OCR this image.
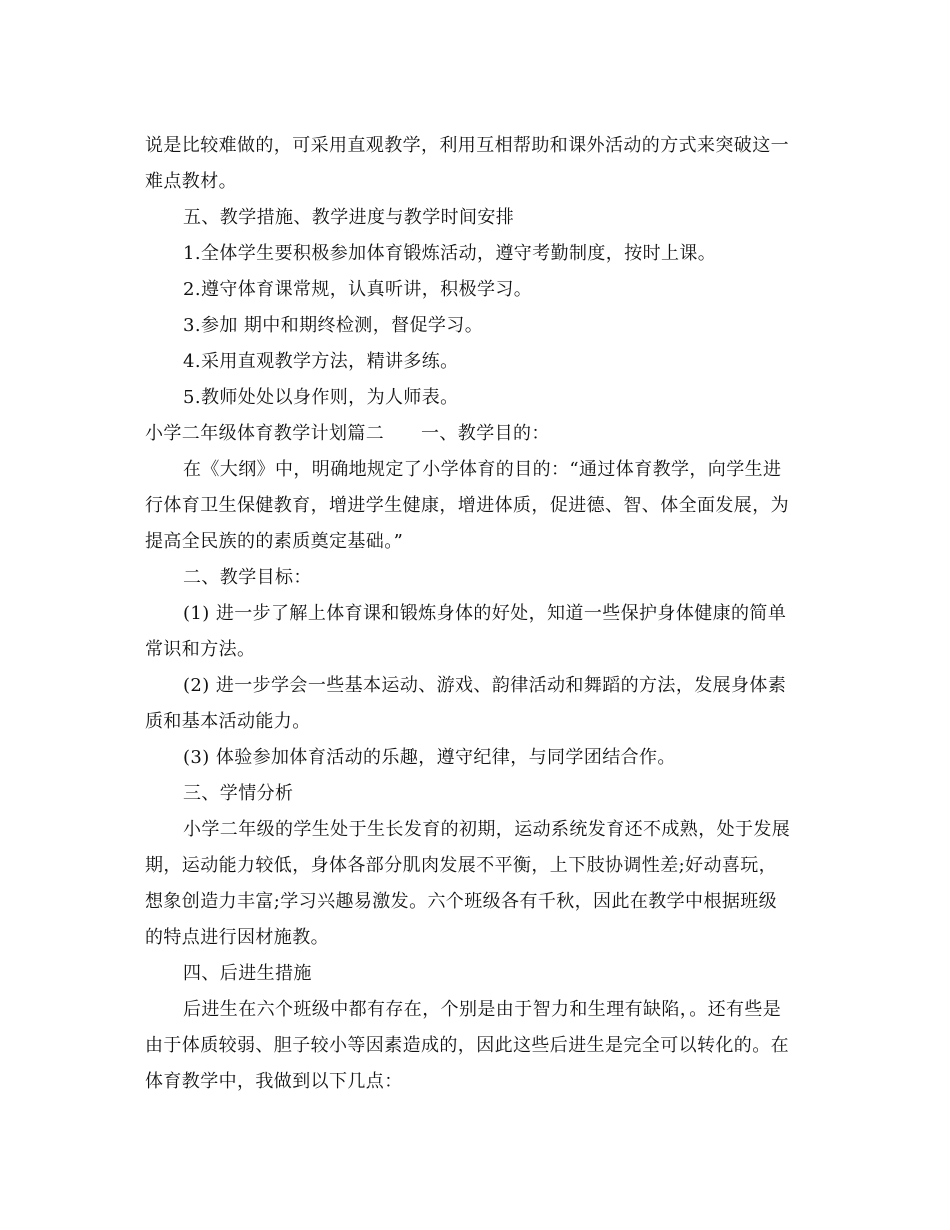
说是比较难做的，可采用直观教学，利用互相帮助和课外活动的方式来突破这一

难点教材。

五、教学措施、教学进度与教学时间安排

1.全体学生要积极参加体育锻炼活动，遵守考勤制度，按时上课。

2.遵守体育课常规，认真听讲，积极学习。

3.参加 期中和期终检测，督促学习。

4.采用直观教学方法，精讲多练。

5.教师处处以身作则，为人师表。

小学二年级体育教学计划篇二　　一、教学目的：

在《大纲》中，明确地规定了小学体育的目的：“通过体育教学，向学生进

行体育卫生保健教育，增进学生健康，增进体质，促进德、智、体全面发展，为

提高全民族的的素质奠定基础。”

二、教学目标：

(1) 进一步了解上体育课和锻炼身体的好处，知道一些保护身体健康的简单

常识和方法。

(2) 进一步学会一些基本运动、游戏、韵律活动和舞蹈的方法，发展身体素

质和基本活动能力。

(3) 体验参加体育活动的乐趣，遵守纪律，与同学团结合作。

三、学情分析

小学二年级的学生处于生长发育的初期，运动系统发育还不成熟，处于发展

期，运动能力较低，身体各部分肌肉发展不平衡，上下肢协调性差;好动喜玩，

想象创造力丰富;学习兴趣易激发。六个班级各有千秋，因此在教学中根据班级

的特点进行因材施教。

四、后进生措施

后进生在六个班级中都有存在，个别是由于智力和生理有缺陷，。还有些是

由于体质较弱、胆子较小等因素造成的，因此这些后进生是完全可以转化的。在

体育教学中，我做到以下几点：
